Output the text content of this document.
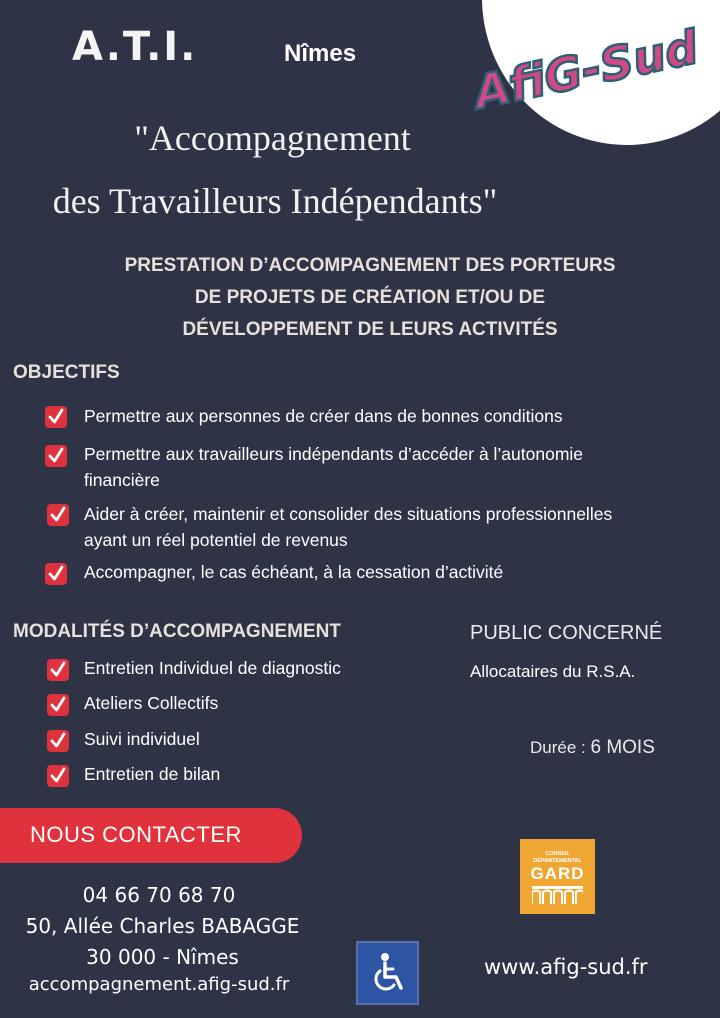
A.T.I.	Nîmes AfiG-Sud
"Accompagnement
des Travailleurs Indépendants"
PRESTATION D’ACCOMPAGNEMENT DES PORTEURS
DE PROJETS DE CRÉATION ET/OU DE
DÉVELOPPEMENT DE LEURS ACTIVITÉS
OBJECTIFS
Permettre aux personnes de créer dans de bonnes conditions
Permettre aux travailleurs indépendants d’accéder à l’autonomie
financière
Aider à créer, maintenir et consolider des situations professionnelles
ayant un réel potentiel de revenus
Accompagner, le cas échéant, à la cessation d’activité
MODALITÉS D’ACCOMPAGNEMENT
Entretien Individuel de diagnostic
Ateliers Collectifs
Suivi individuel
Entretien de bilan
PUBLIC CONCERNÉ
Allocataires du R.S.A.
Durée : 6 MOIS
NOUS CONTACTER
04 66 70 68 70
50, Allée Charles BABAGGE
30 000 - Nîmes
accompagnement.afig-sud.fr
CONSEIL
DÉPARTEMENTAL
GARD
www.afig-sud.fr
